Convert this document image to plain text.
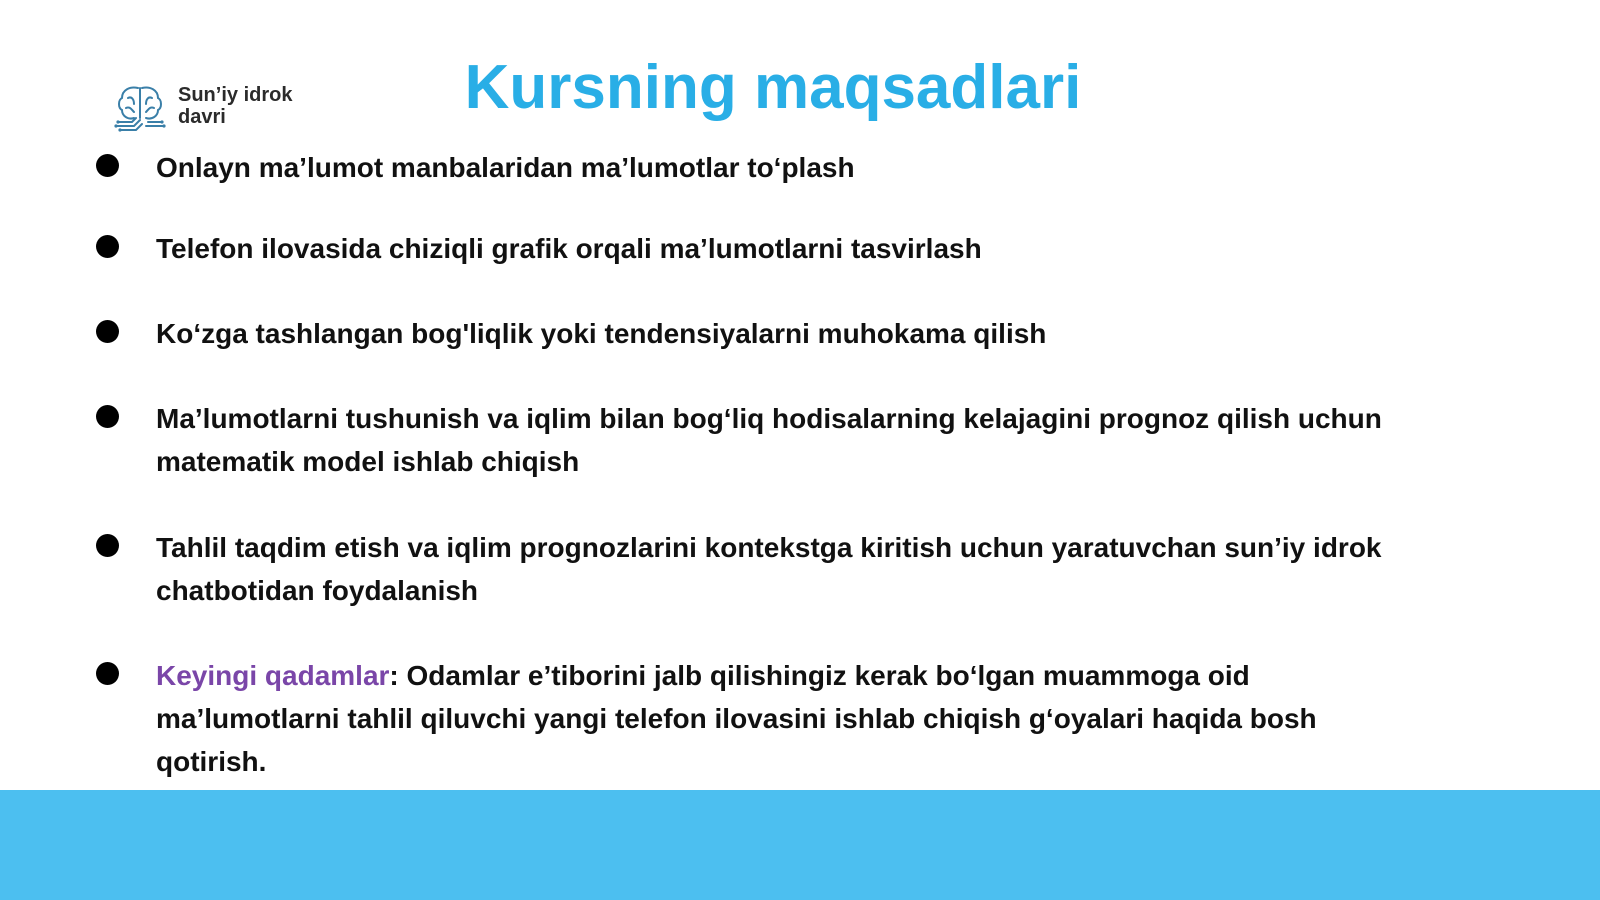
Sun’iy idrok
davri	Kursning maqsadlari
Onlayn ma’lumot manbalaridan ma’lumotlar to‘plash
Telefon ilovasida chiziqli grafik orqali ma’lumotlarni tasvirlash
Ko‘zga tashlangan bog'liqlik yoki tendensiyalarni muhokama qilish
Ma’lumotlarni tushunish va iqlim bilan bog‘liq hodisalarning kelajagini prognoz qilish uchun matematik model ishlab chiqish
Tahlil taqdim etish va iqlim prognozlarini kontekstga kiritish uchun yaratuvchan sun’iy idrok chatbotidan foydalanish
Keyingi qadamlar: Odamlar e’tiborini jalb qilishingiz kerak bo‘lgan muammoga oid ma’lumotlarni tahlil qiluvchi yangi telefon ilovasini ishlab chiqish g‘oyalari haqida bosh qotirish.
